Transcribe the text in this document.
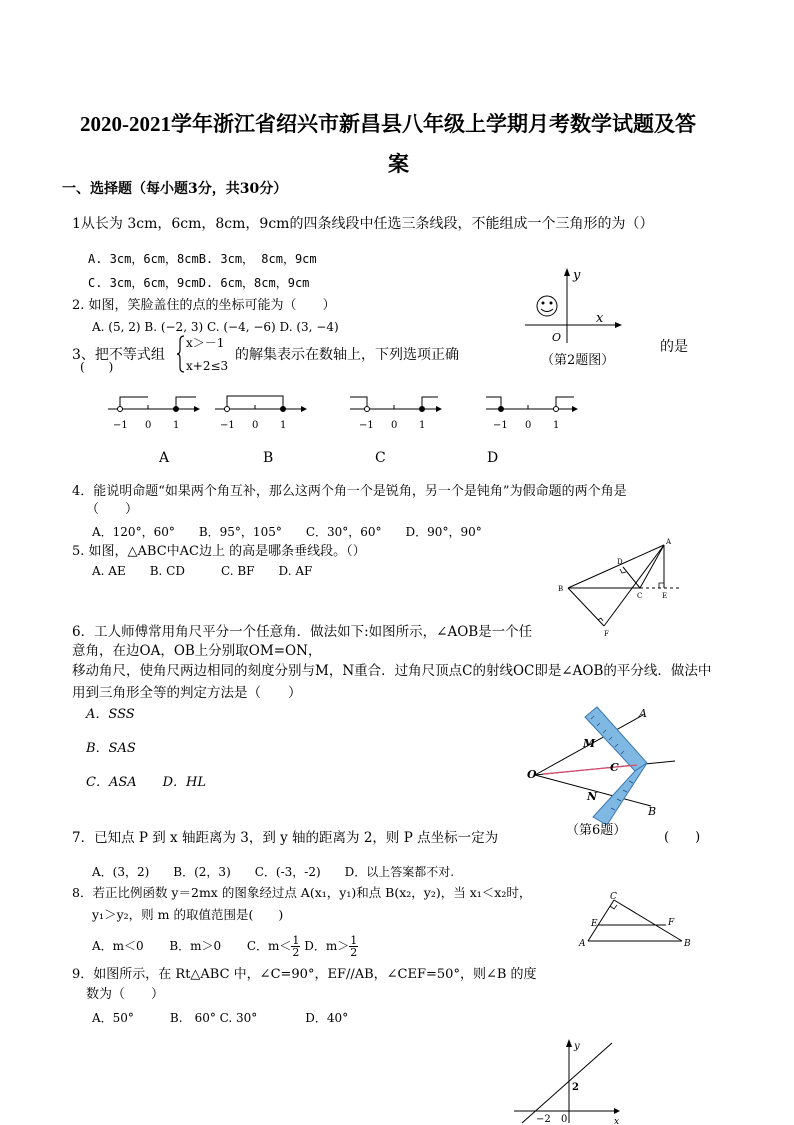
2020-2021学年浙江省绍兴市新昌县八年级上学期月考数学试题及答
案
一、选择题（每小题3分，共30分）
1从长为 3cm，6cm，8cm，9cm的四条线段中任选三条线段，不能组成一个三角形的为（）
A. 3cm，6cm，8cmB. 3cm， 8cm，9cm
C. 3cm，6cm，9cmD. 6cm，8cm，9cm
2. 如图，笑脸盖住的点的坐标可能为（　　）
A. (5, 2) B. (−2, 3) C. (−4, −6) D. (3, −4)
y
x
O
（第2题图）
3、把不等式组
x＞－1
x+2≤3
的解集表示在数轴上，下列选项正确	的是
(　　)
−1 0 1	−1 0 1	−1 0 1	−1 0 1
A	B	C	D
4．能说明命题“如果两个角互补，那么这两个角一个是锐角，另一个是钝角”为假命题的两个角是
（　　）
A．120°，60°　　B．95°，105°　　C．30°，60°　　D．90°，90°
5. 如图，△ABC中AC边上 的高是哪条垂线段。（）
A. AE　　B. CD　　　C. BF　　D. AF
A
B
C
D
E
F
6．工人师傅常用角尺平分一个任意角．做法如下:如图所示，∠AOB是一个任
意角，在边OA，OB上分别取OM=ON，
移动角尺，使角尺两边相同的刻度分别与M，N重合．过角尺顶点C的射线OC即是∠AOB的平分线．做法中
用到三角形全等的判定方法是（　　）
A．SSS
B．SAS
C．ASA　　D．HL
A
B
O
M
N
C
（第6题）
7．已知点 P 到 x 轴距离为 3，到 y 轴的距离为 2，则 P 点坐标一定为	(　　)
A．(3，2)　　B．(2，3)　　C．(-3，-2)　　D．以上答案都不对.
8．若正比例函数 y＝2mx 的图象经过点 A(x₁，y₁)和点 B(x₂，y₂)，当 x₁＜x₂时，
y₁＞y₂，则 m 的取值范围是(　　)
A．m＜0 B．m＞0 C．$m< \frac{1}{2}$ D．$m> \frac{1}{2}$
C
E	F
A	B
9．如图所示，在 Rt△ABC 中，∠C=90°，EF//AB，∠CEF=50°，则∠B 的度
数为（　　）
A．50°　　　B.　60° C. 30°　　　　D．40°
y
x
2
−2 0
